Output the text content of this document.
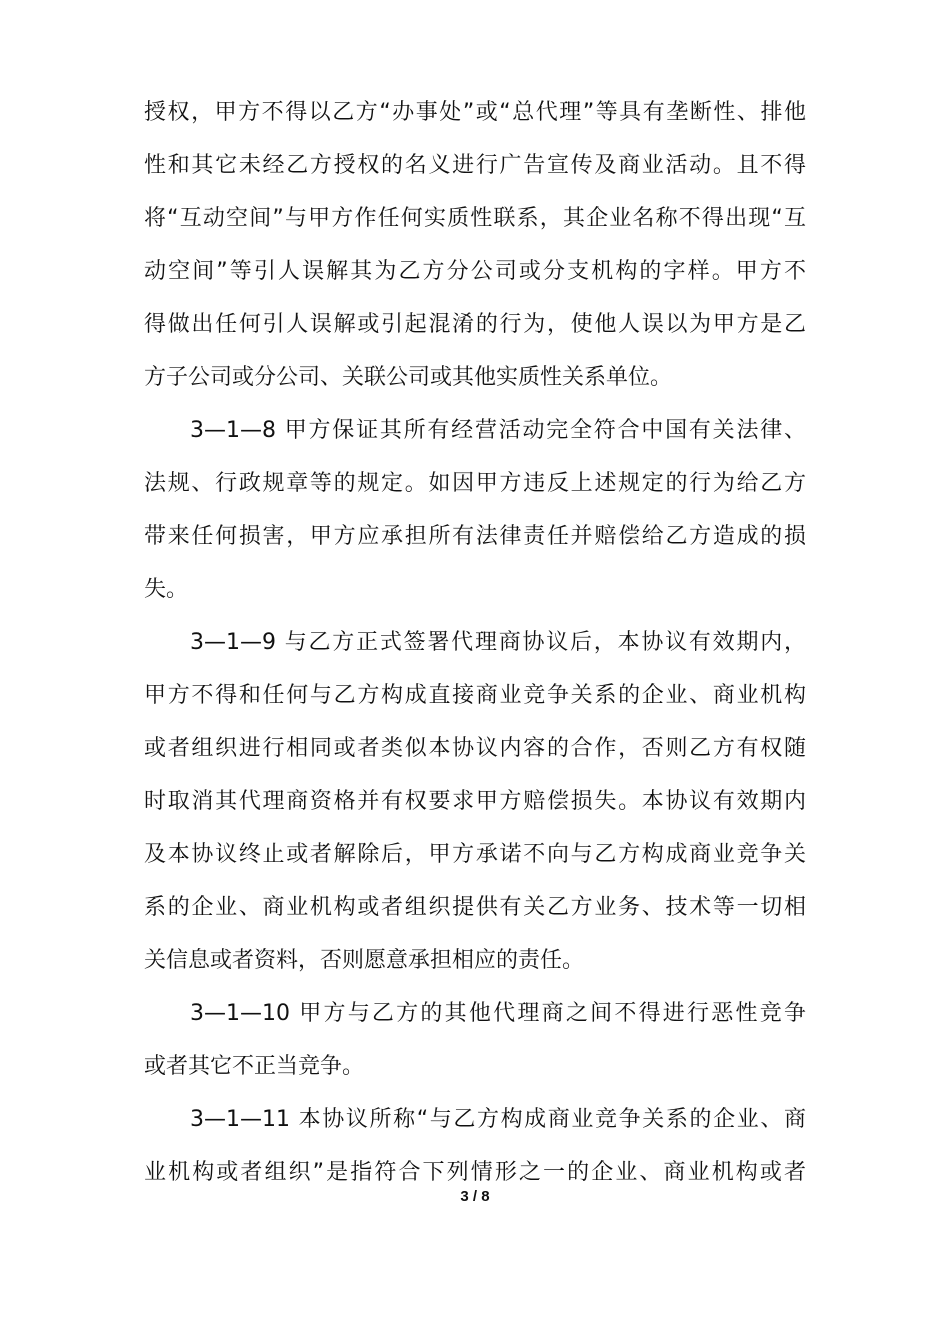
授权，甲方不得以乙方“办事处”或“总代理”等具有垄断性、排他
性和其它未经乙方授权的名义进行广告宣传及商业活动。且不得
将“互动空间”与甲方作任何实质性联系，其企业名称不得出现“互
动空间”等引人误解其为乙方分公司或分支机构的字样。甲方不
得做出任何引人误解或引起混淆的行为，使他人误以为甲方是乙
方子公司或分公司、关联公司或其他实质性关系单位。
3—1—8 甲方保证其所有经营活动完全符合中国有关法律、
法规、行政规章等的规定。如因甲方违反上述规定的行为给乙方
带来任何损害，甲方应承担所有法律责任并赔偿给乙方造成的损
失。
3—1—9 与乙方正式签署代理商协议后，本协议有效期内，
甲方不得和任何与乙方构成直接商业竞争关系的企业、商业机构
或者组织进行相同或者类似本协议内容的合作，否则乙方有权随
时取消其代理商资格并有权要求甲方赔偿损失。本协议有效期内
及本协议终止或者解除后，甲方承诺不向与乙方构成商业竞争关
系的企业、商业机构或者组织提供有关乙方业务、技术等一切相
关信息或者资料，否则愿意承担相应的责任。
3—1—10 甲方与乙方的其他代理商之间不得进行恶性竞争
或者其它不正当竞争。
3—1—11 本协议所称“与乙方构成商业竞争关系的企业、商
业机构或者组织”是指符合下列情形之一的企业、商业机构或者
3 / 8
